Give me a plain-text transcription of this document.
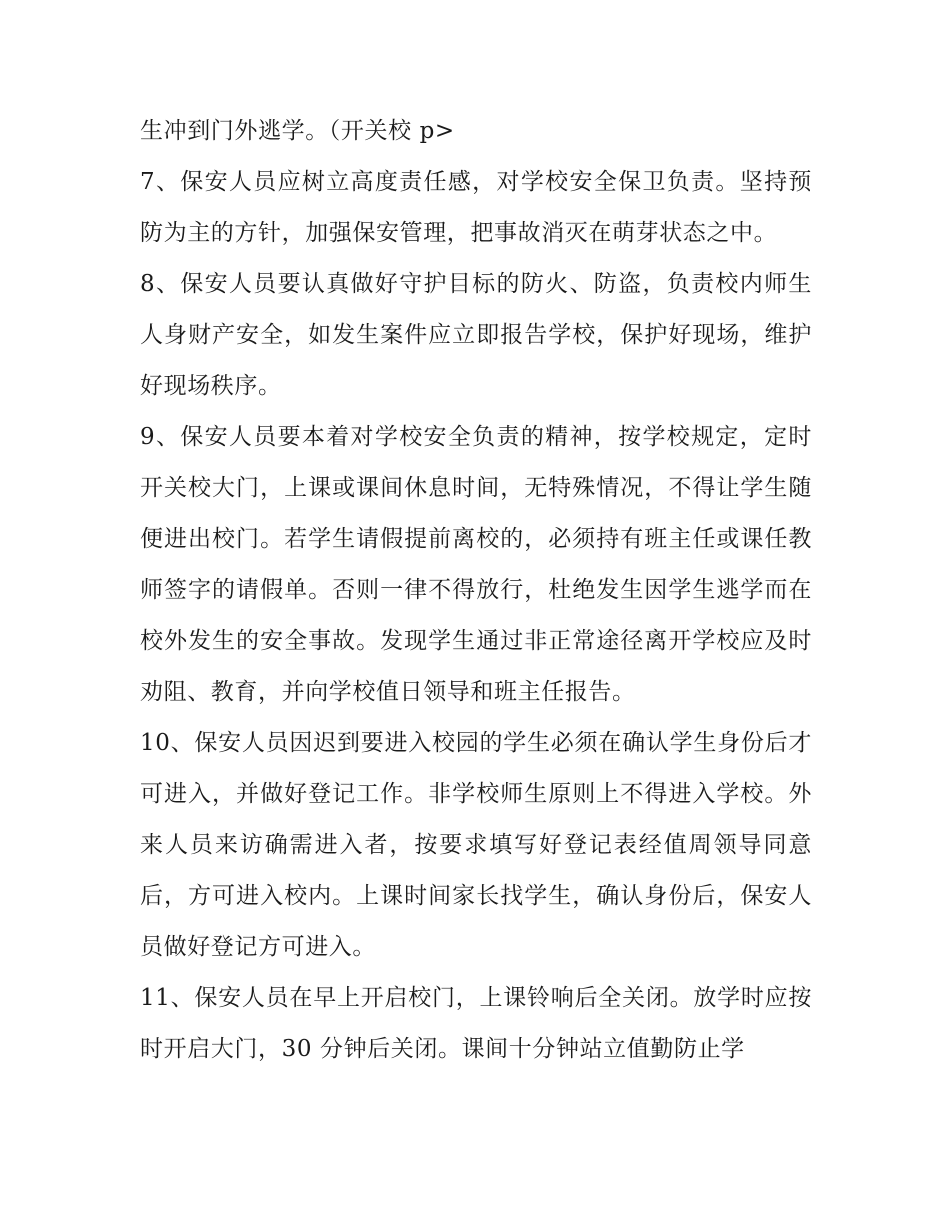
生冲到门外逃学。（开关校 p>

7、保安人员应树立高度责任感，对学校安全保卫负责。坚持预防为主的方针，加强保安管理，把事故消灭在萌芽状态之中。

8、保安人员要认真做好守护目标的防火、防盗，负责校内师生人身财产安全，如发生案件应立即报告学校，保护好现场，维护好现场秩序。

9、保安人员要本着对学校安全负责的精神，按学校规定，定时开关校大门，上课或课间休息时间，无特殊情况，不得让学生随便进出校门。若学生请假提前离校的，必须持有班主任或课任教师签字的请假单。否则一律不得放行，杜绝发生因学生逃学而在校外发生的安全事故。发现学生通过非正常途径离开学校应及时劝阻、教育，并向学校值日领导和班主任报告。

10、保安人员因迟到要进入校园的学生必须在确认学生身份后才可进入，并做好登记工作。非学校师生原则上不得进入学校。外来人员来访确需进入者，按要求填写好登记表经值周领导同意后，方可进入校内。上课时间家长找学生，确认身份后，保安人员做好登记方可进入。

11、保安人员在早上开启校门，上课铃响后全关闭。放学时应按时开启大门，30 分钟后关闭。课间十分钟站立值勤防止学
